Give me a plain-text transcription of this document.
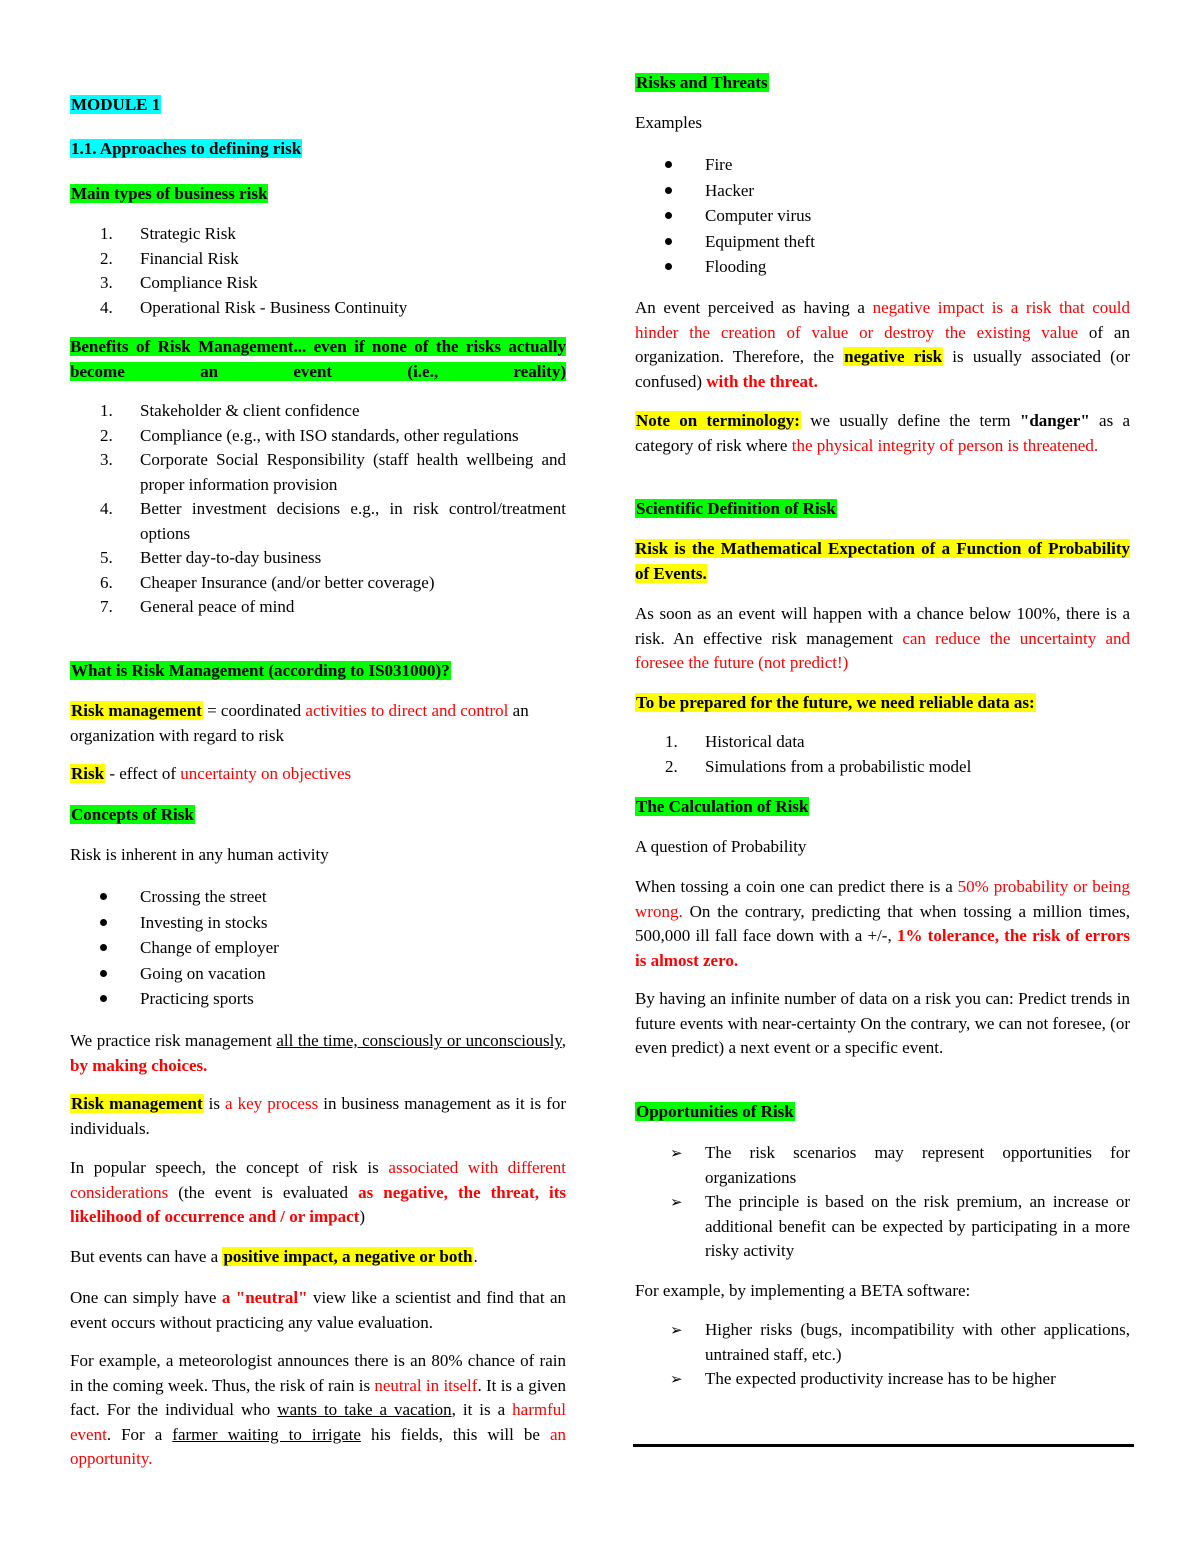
MODULE 1
1.1. Approaches to defining risk
Main types of business risk
1.	Strategic Risk
2.	Financial Risk
3.	Compliance Risk
4.	Operational Risk - Business Continuity
Benefits of Risk Management... even if none of the risks actually become an event (i.e., reality)
1.	Stakeholder & client confidence
2.	Compliance (e.g., with ISO standards, other regulations
3.	Corporate Social Responsibility (staff health wellbeing and proper information provision
4.	Better investment decisions e.g., in risk control/treatment options
5.	Better day-to-day business
6.	Cheaper Insurance (and/or better coverage)
7.	General peace of mind
What is Risk Management (according to IS031000)?

Risk management = coordinated activities to direct and control an organization with regard to risk

Risk - effect of uncertainty on objectives

Concepts of Risk

Risk is inherent in any human activity

Crossing the street
Investing in stocks
Change of employer
Going on vacation
Practicing sports

We practice risk management all the time, consciously or unconsciously, by making choices.

Risk management is a key process in business management as it is for individuals.

In popular speech, the concept of risk is associated with different considerations (the event is evaluated as negative, the threat, its likelihood of occurrence and / or impact)

But events can have a positive impact, a negative or both.

One can simply have a "neutral" view like a scientist and find that an event occurs without practicing any value evaluation.

For example, a meteorologist announces there is an 80% chance of rain in the coming week. Thus, the risk of rain is neutral in itself. It is a given fact. For the individual who wants to take a vacation, it is a harmful event. For a farmer waiting to irrigate his fields, this will be an opportunity.

Risks and Threats

Examples

Fire
Hacker
Computer virus
Equipment theft
Flooding

An event perceived as having a negative impact is a risk that could hinder the creation of value or destroy the existing value of an organization. Therefore, the negative risk is usually associated (or confused) with the threat.

Note on terminology: we usually define the term "danger" as a category of risk where the physical integrity of person is threatened.

Scientific Definition of Risk
Risk is the Mathematical Expectation of a Function of Probability of Events.

As soon as an event will happen with a chance below 100%, there is a risk. An effective risk management can reduce the uncertainty and foresee the future (not predict!)

To be prepared for the future, we need reliable data as:
1.	Historical data
2.	Simulations from a probabilistic model
The Calculation of Risk

A question of Probability

When tossing a coin one can predict there is a 50% probability or being wrong. On the contrary, predicting that when tossing a million times, 500,000 ill fall face down with a +/-, 1% tolerance, the risk of errors is almost zero.

By having an infinite number of data on a risk you can: Predict trends in future events with near-certainty On the contrary, we can not foresee, (or even predict) a next event or a specific event.

Opportunities of Risk
➢ The risk scenarios may represent opportunities for organizations
➢ The principle is based on the risk premium, an increase or additional benefit can be expected by participating in a more risky activity

For example, by implementing a BETA software:

➢ Higher risks (bugs, incompatibility with other applications, untrained staff, etc.)
➢ The expected productivity increase has to be higher
